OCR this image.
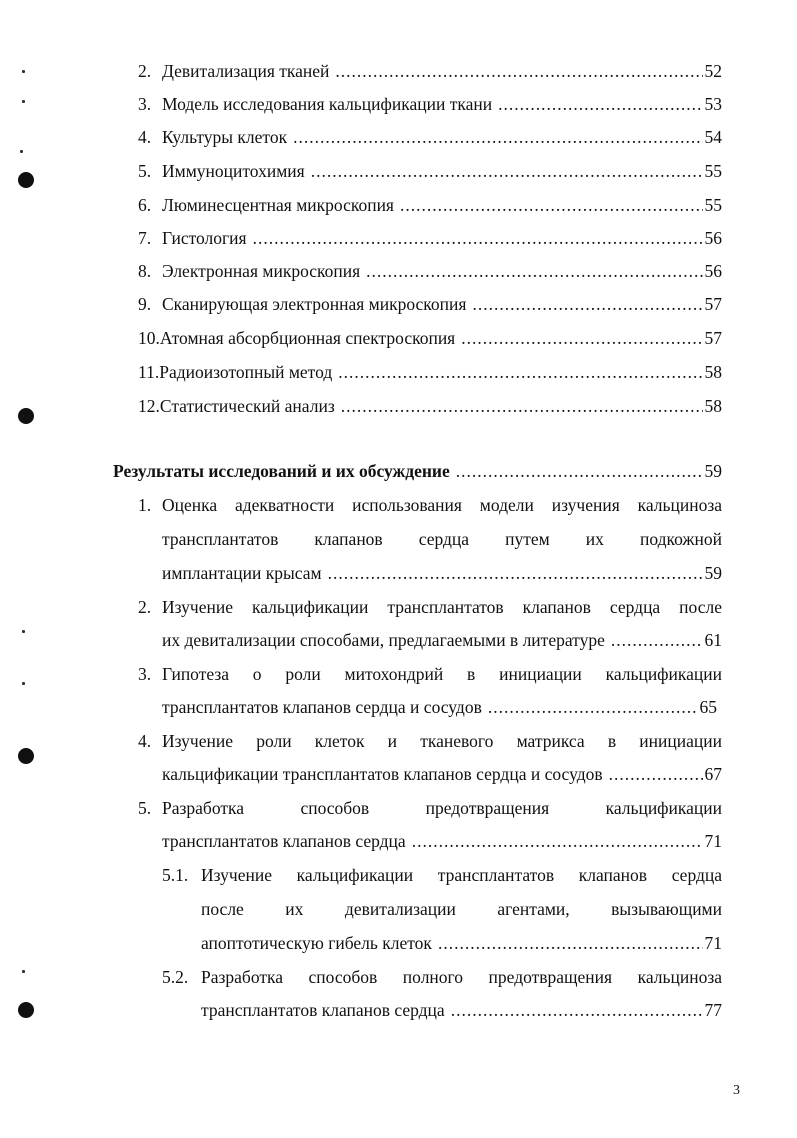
2. Девитализация тканей .....	52
3. Модель исследования кальцификации ткани .....	53
4. Культуры клеток .....	54
5. Иммуноцитохимия .....	55
6. Люминесцентная микроскопия .....	55
7. Гистология .....	56
8. Электронная микроскопия .....	56
9. Сканирующая электронная микроскопия .....	57
10. Атомная абсорбционная спектроскопия .....	57
11. Радиоизотопный метод .....	58
12. Статистический анализ .....	58
Результаты исследований и их обсуждение .....	59
1. Оценка адекватности использования модели изучения кальциноза
трансплантатов клапанов сердца путем их подкожной
имплантации крысам .....	59
2. Изучение кальцификации трансплантатов клапанов сердца после
их девитализации способами, предлагаемыми в литературе .....	61
3. Гипотеза о роли митохондрий в инициации кальцификации
трансплантатов клапанов сердца и сосудов .....	65
4. Изучение роли клеток и тканевого матрикса в инициации
кальцификации трансплантатов клапанов сердца и сосудов .....	67
5. Разработка способов предотвращения кальцификации
трансплантатов клапанов сердца .....	71
5.1. Изучение кальцификации трансплантатов клапанов сердца
после их девитализации агентами, вызывающими
апоптотическую гибель клеток .....	71
5.2. Разработка способов полного предотвращения кальциноза
трансплантатов клапанов сердца .....	77
3
